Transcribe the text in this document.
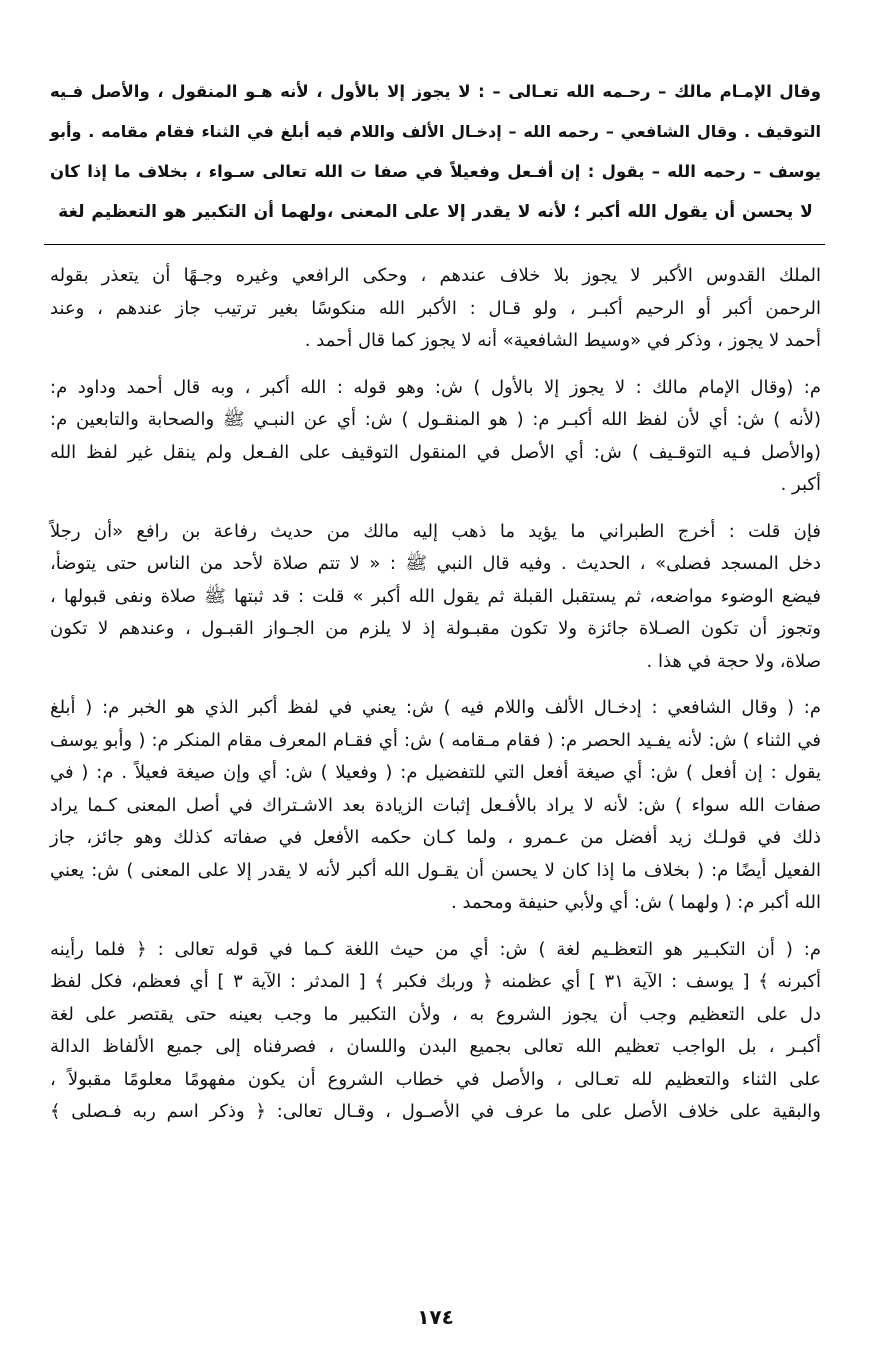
وقال الإمـام مالك – رحـمه الله تعـالى – : لا يجوز إلا بالأول ، لأنه هـو المنقول ، والأصل فـيه
التوقيف . وقال الشافعي – رحمه الله – إدخـال الألف واللام فيه أبلغ في الثناء فقام مقامه . وأبو
يوسف – رحمه الله – يقول : إن أفـعل وفعيلاً في صفا ت الله تعالى سـواء ، بخلاف ما إذا كان
لا يحسن أن يقول الله أكبر ؛ لأنه لا يقدر إلا على المعنى ،ولهما أن التكبير هو التعظيم لغة
الملك القدوس الأكبر لا يجوز بلا خلاف عندهم ، وحكى الرافعي وغيره وجـهًا أن يتعذر بقوله
الرحمن أكبر أو الرحيم أكبـر ، ولو قـال : الأكبر الله منكوسًا بغير ترتيب جاز عندهم ، وعند
أحمد لا يجوز ، وذكر في «وسيط الشافعية» أنه لا يجوز كما قال أحمد .
م: (وقال الإمام مالك : لا يجوز إلا بالأول ) ش: وهو قوله : الله أكبر ، وبه قال أحمد وداود م:
(لأنه ) ش: أي لأن لفظ الله أكبـر م: ( هو المنقـول ) ش: أي عن النبـي ﷺ والصحابة والتابعين م:
(والأصل فـيه التوقـيف ) ش: أي الأصل في المنقول التوقيف على الفـعل ولم ينقل غير لفظ الله
أكبر .
فإن قلت : أخرج الطبراني ما يؤيد ما ذهب إليه مالك من حديث رفاعة بن رافع «أن رجلاً
دخل المسجد فصلى» ، الحديث . وفيه قال النبي ﷺ : « لا تتم صلاة لأحد من الناس حتى يتوضأ،
فيضع الوضوء مواضعه، ثم يستقبل القبلة ثم يقول الله أكبر » قلت : قد ثبتها ﷺ صلاة ونفى قبولها ،
وتجوز أن تكون الصـلاة جائزة ولا تكون مقبـولة إذ لا يلزم من الجـواز القبـول ، وعندهم لا تكون
صلاة، ولا حجة في هذا .
م: ( وقال الشافعي : إدخـال الألف واللام فيه ) ش: يعني في لفظ أكبر الذي هو الخبر م: ( أبلغ
في الثناء ) ش: لأنه يفـيد الحصر م: ( فقام مـقامه ) ش: أي فقـام المعرف مقام المنكر م: ( وأبو يوسف
يقول : إن أفعل ) ش: أي صيغة أفعل التي للتفضيل م: ( وفعيلا ) ش: أي وإن صيغة فعيلاً . م: ( في
صفات الله سواء ) ش: لأنه لا يراد بالأفـعل إثبات الزيادة بعد الاشـتراك في أصل المعنى كـما يراد
ذلك في قولـك زيد أفضل من عـمرو ، ولما كـان حكمه الأفعل في صفاته كذلك وهو جائز، جاز
الفعيل أيضًا م: ( بخلاف ما إذا كان لا يحسن أن يقـول الله أكبر لأنه لا يقدر إلا على المعنى ) ش: يعني
الله أكبر م: ( ولهما ) ش: أي ولأبي حنيفة ومحمد .
م: ( أن التكبـير هو التعظـيم لغة ) ش: أي من حيث اللغة كـما في قوله تعالى : ﴿ فلما رأينه
أكبرنه ﴾ [ يوسف : الآية ٣١ ] أي عظمنه ﴿ وربك فكبر ﴾ [ المدثر : الآية ٣ ] أي فعظم، فكل لفظ
دل على التعظيم وجب أن يجوز الشروع به ، ولأن التكبير ما وجب بعينه حتى يقتصر على لغة
أكبـر ، بل الواجب تعظيم الله تعالى بجميع البدن واللسان ، فصرفناه إلى جميع الألفاظ الدالة
على الثناء والتعظيم لله تعـالى ، والأصل في خطاب الشروع أن يكون مفهومًا معلومًا مقبولاً ،
والبقية على خلاف الأصل على ما عرف في الأصـول ، وقـال تعالى: ﴿ وذكر اسم ربه فـصلى ﴾
١٧٤
